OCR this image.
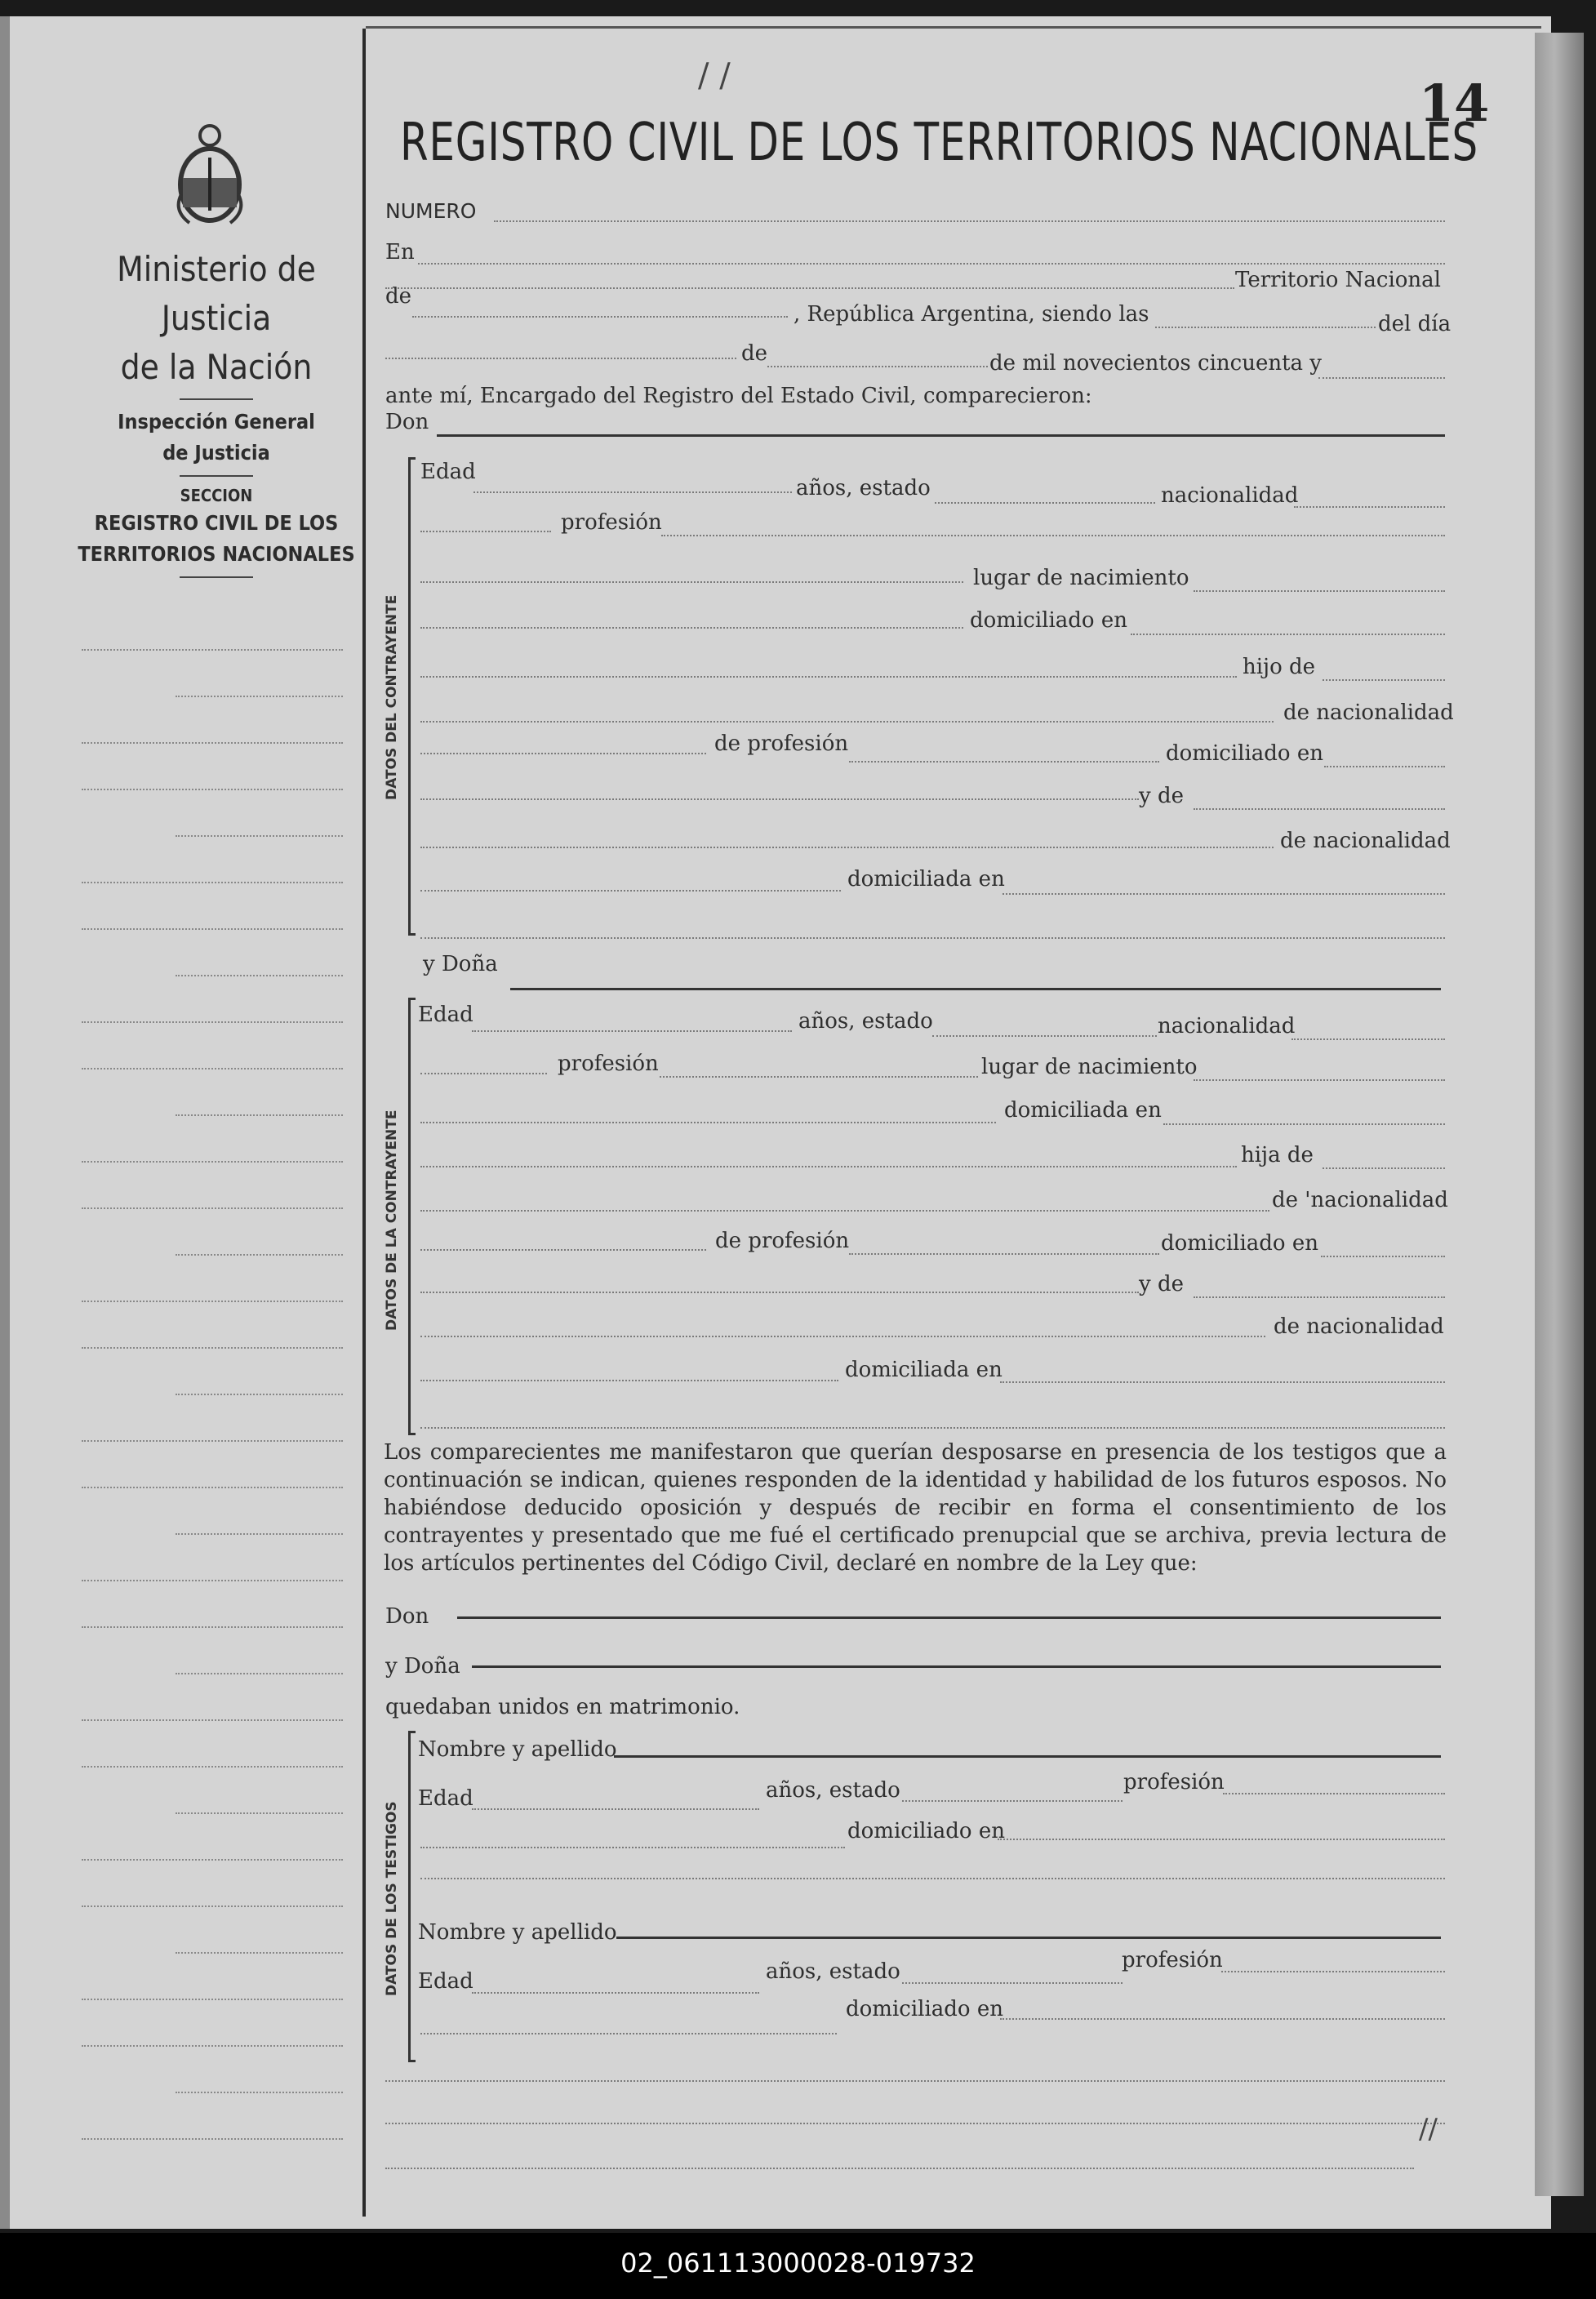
Ministerio de Justicia
de la Nación
Inspección General
de Justicia
SECCION
REGISTRO CIVIL DE LOS
TERRITORIOS NACIONALES
/ /	14
REGISTRO CIVIL DE LOS TERRITORIOS NACIONALES
NUMERO
En
Territorio Nacional
de
, República Argentina, siendo las	del día
de	de mil novecientos cincuenta y
ante mí, Encargado del Registro del Estado Civil, comparecieron:
Don
DATOS DEL CONTRAYENTE
Edad
años, estado	nacionalidad
profesión
lugar de nacimiento
domiciliado en
hijo de
de nacionalidad
de profesión	domiciliado en
y de
de nacionalidad
domiciliada en
y Doña
DATOS DE LA CONTRAYENTE
Edad	años, estado	nacionalidad
profesión	lugar de nacimiento
domiciliada en
hija de
de 'nacionalidad
de profesión	domiciliado en
y de
de nacionalidad
domiciliada en
Los comparecientes me manifestaron que querían desposarse en presencia de los testigos que a continuación se indican, quienes responden de la identidad y habilidad de los futuros esposos. No habiéndose deducido oposición y después de recibir en forma el consentimiento de los contrayentes y presentado que me fué el certificado prenupcial que se archiva, previa lectura de los artículos pertinentes del Código Civil, declaré en nombre de la Ley que:
Don
y Doña
quedaban unidos en matrimonio.
DATOS DE LOS TESTIGOS
Nombre y apellido
Edad	años, estado	profesión
domiciliado en
Nombre y apellido
Edad	años, estado	profesión
domiciliado en
//
02_061113000028-019732
